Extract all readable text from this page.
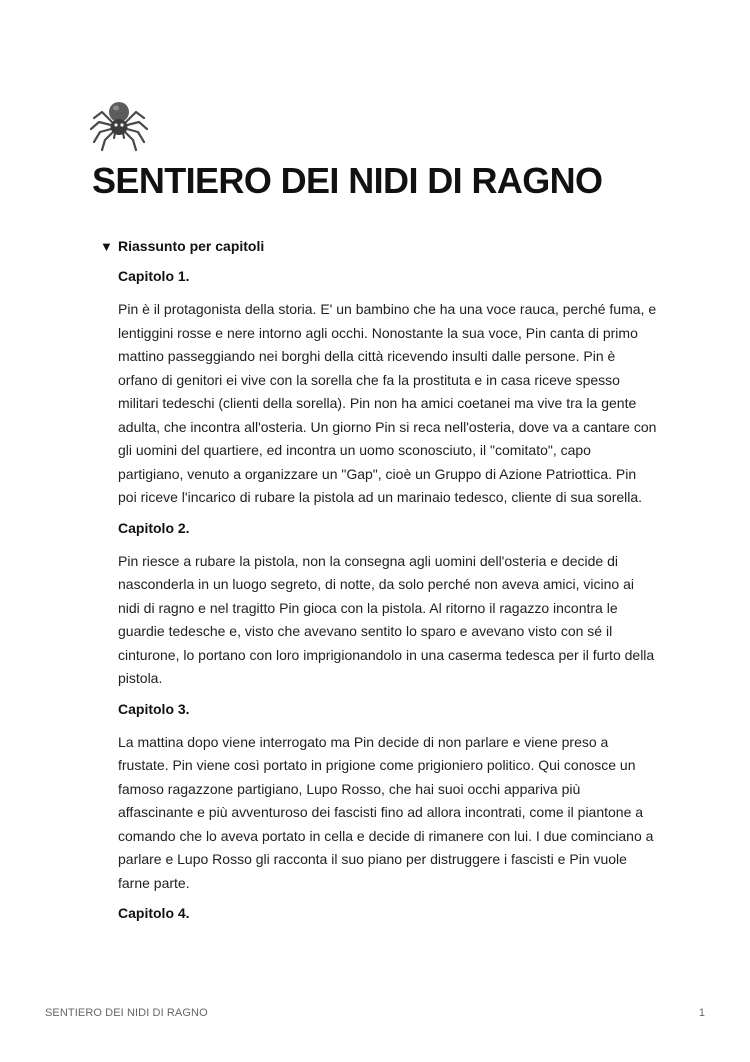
SENTIERO DEI NIDI DI RAGNO
▼ Riassunto per capitoli

Capitolo 1.

Pin è il protagonista della storia. E' un bambino che ha una voce rauca, perché fuma, e lentiggini rosse e nere intorno agli occhi. Nonostante la sua voce, Pin canta di primo mattino passeggiando nei borghi della città ricevendo insulti dalle persone. Pin è orfano di genitori ei vive con la sorella che fa la prostituta e in casa riceve spesso militari tedeschi (clienti della sorella). Pin non ha amici coetanei ma vive tra la gente adulta, che incontra all'osteria. Un giorno Pin si reca nell'osteria, dove va a cantare con gli uomini del quartiere, ed incontra un uomo sconosciuto, il "comitato", capo partigiano, venuto a organizzare un "Gap", cioè un Gruppo di Azione Patriottica. Pin poi riceve l'incarico di rubare la pistola ad un marinaio tedesco, cliente di sua sorella.

Capitolo 2.

Pin riesce a rubare la pistola, non la consegna agli uomini dell'osteria e decide di nasconderla in un luogo segreto, di notte, da solo perché non aveva amici, vicino ai nidi di ragno e nel tragitto Pin gioca con la pistola. Al ritorno il ragazzo incontra le guardie tedesche e, visto che avevano sentito lo sparo e avevano visto con sé il cinturone, lo portano con loro imprigionandolo in una caserma tedesca per il furto della pistola.

Capitolo 3.

La mattina dopo viene interrogato ma Pin decide di non parlare e viene preso a frustate. Pin viene così portato in prigione come prigioniero politico. Qui conosce un famoso ragazzone partigiano, Lupo Rosso, che hai suoi occhi appariva più affascinante e più avventuroso dei fascisti fino ad allora incontrati, come il piantone a comando che lo aveva portato in cella e decide di rimanere con lui. I due cominciano a parlare e Lupo Rosso gli racconta il suo piano per distruggere i fascisti e Pin vuole farne parte.

Capitolo 4.

SENTIERO DEI NIDI DI RAGNO	1
